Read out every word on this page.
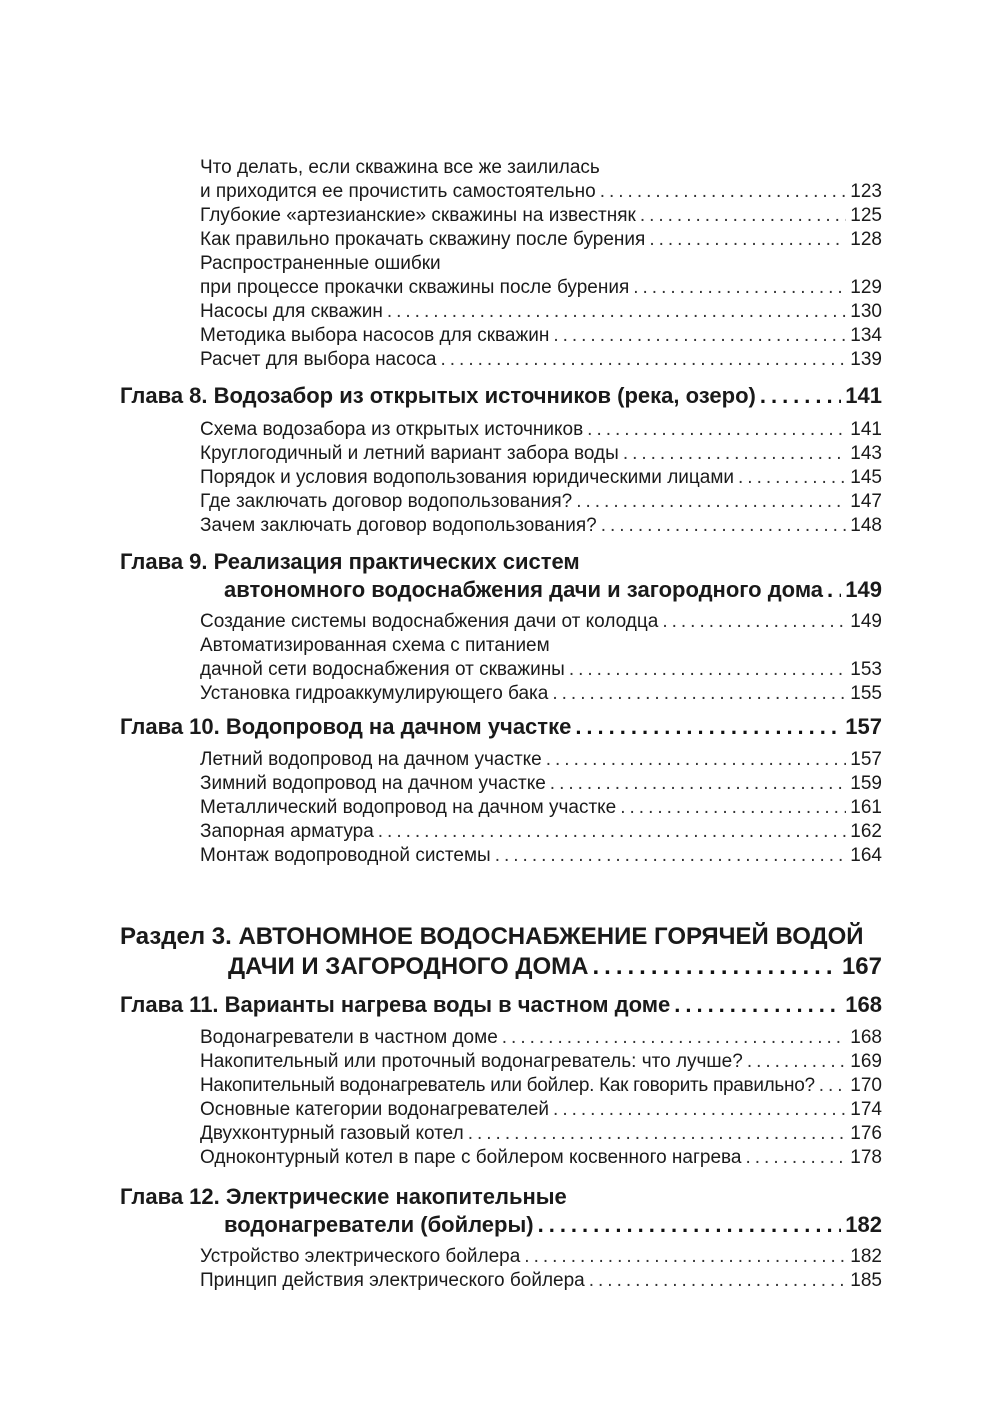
Что делать, если скважина все же заилилась
и приходится ее прочистить самостоятельно .....	123
Глубокие «артезианские» скважины на известняк .....	125
Как правильно прокачать скважину после бурения .....	128
Распространенные ошибки
при процессе прокачки скважины после бурения .....	129
Насосы для скважин .....	130
Методика выбора насосов для скважин .....	134
Расчет для выбора насоса .....	139
Глава 8. Водозабор из открытых источников (река, озеро) .....	141
Схема водозабора из открытых источников .....	141
Круглогодичный и летний вариант забора воды .....	143
Порядок и условия водопользования юридическими лицами .....	145
Где заключать договор водопользования? .....	147
Зачем заключать договор водопользования? .....	148
Глава 9. Реализация практических систем
автономного водоснабжения дачи и загородного дома ..... 149
Создание системы водоснабжения дачи от колодца .....	149
Автоматизированная схема с питанием
дачной сети водоснабжения от скважины .....	153
Установка гидроаккумулирующего бака .....	155
Глава 10. Водопровод на дачном участке .....	157
Летний водопровод на дачном участке .....	157
Зимний водопровод на дачном участке .....	159
Металлический водопровод на дачном участке .....	161
Запорная арматура .....	162
Монтаж водопроводной системы .....	164
Раздел 3. АВТОНОМНОЕ ВОДОСНАБЖЕНИЕ ГОРЯЧЕЙ ВОДОЙ
ДАЧИ И ЗАГОРОДНОГО ДОМА .....	167
Глава 11. Варианты нагрева воды в частном доме .....	168
Водонагреватели в частном доме .....	168
Накопительный или проточный водонагреватель: что лучше? .....	169
Накопительный водонагреватель или бойлер. Как говорить правильно? ..... 170
Основные категории водонагревателей .....	174
Двухконтурный газовый котел .....	176
Одноконтурный котел в паре с бойлером косвенного нагрева .....	178
Глава 12. Электрические накопительные
водонагреватели (бойлеры) .....	182
Устройство электрического бойлера .....	182
Принцип действия электрического бойлера .....	185
